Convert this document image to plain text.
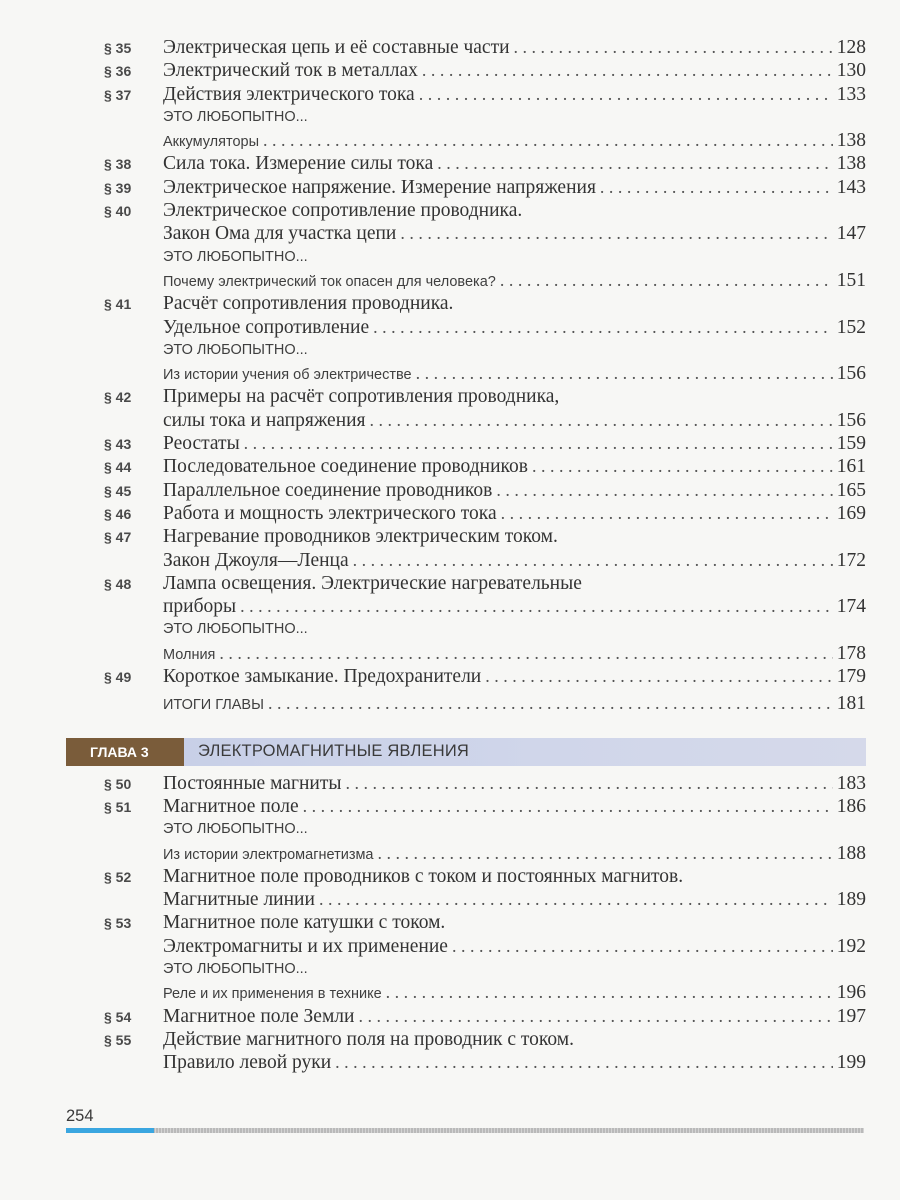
§ 35	Электрическая цепь и её составные части . . .	128
§ 36	Электрический ток в металлах . . .	130
§ 37	Действия электрического тока . . .	133
ЭТО ЛЮБОПЫТНО...
Аккумуляторы . . .	138
§ 38	Сила тока. Измерение силы тока . . .	138
§ 39	Электрическое напряжение. Измерение напряжения . . .	143
§ 40	Электрическое сопротивление проводника.
Закон Ома для участка цепи . . .	147
ЭТО ЛЮБОПЫТНО...
Почему электрический ток опасен для человека? . . .	151
§ 41	Расчёт сопротивления проводника.
Удельное сопротивление . . .	152
ЭТО ЛЮБОПЫТНО...
Из истории учения об электричестве . . .	156
§ 42	Примеры на расчёт сопротивления проводника,
силы тока и напряжения . . .	156
§ 43	Реостаты . . .	159
§ 44	Последовательное соединение проводников . . .	161
§ 45	Параллельное соединение проводников . . .	165
§ 46	Работа и мощность электрического тока . . .	169
§ 47	Нагревание проводников электрическим током.
Закон Джоуля—Ленца . . .	172
§ 48	Лампа освещения. Электрические нагревательные
приборы . . .	174
ЭТО ЛЮБОПЫТНО...
Молния . . .	178
§ 49	Короткое замыкание. Предохранители . . .	179
ИТОГИ ГЛАВЫ . . .	181
ГЛАВА 3	ЭЛЕКТРОМАГНИТНЫЕ ЯВЛЕНИЯ
§ 50	Постоянные магниты . . .	183
§ 51	Магнитное поле . . .	186
ЭТО ЛЮБОПЫТНО...
Из истории электромагнетизма . . .	188
§ 52	Магнитное поле проводников с током и постоянных магнитов.
Магнитные линии . . .	189
§ 53	Магнитное поле катушки с током.
Электромагниты и их применение . . .	192
ЭТО ЛЮБОПЫТНО...
Реле и их применения в технике . . .	196
§ 54	Магнитное поле Земли . . .	197
§ 55	Действие магнитного поля на проводник с током.
Правило левой руки . . .	199
254
